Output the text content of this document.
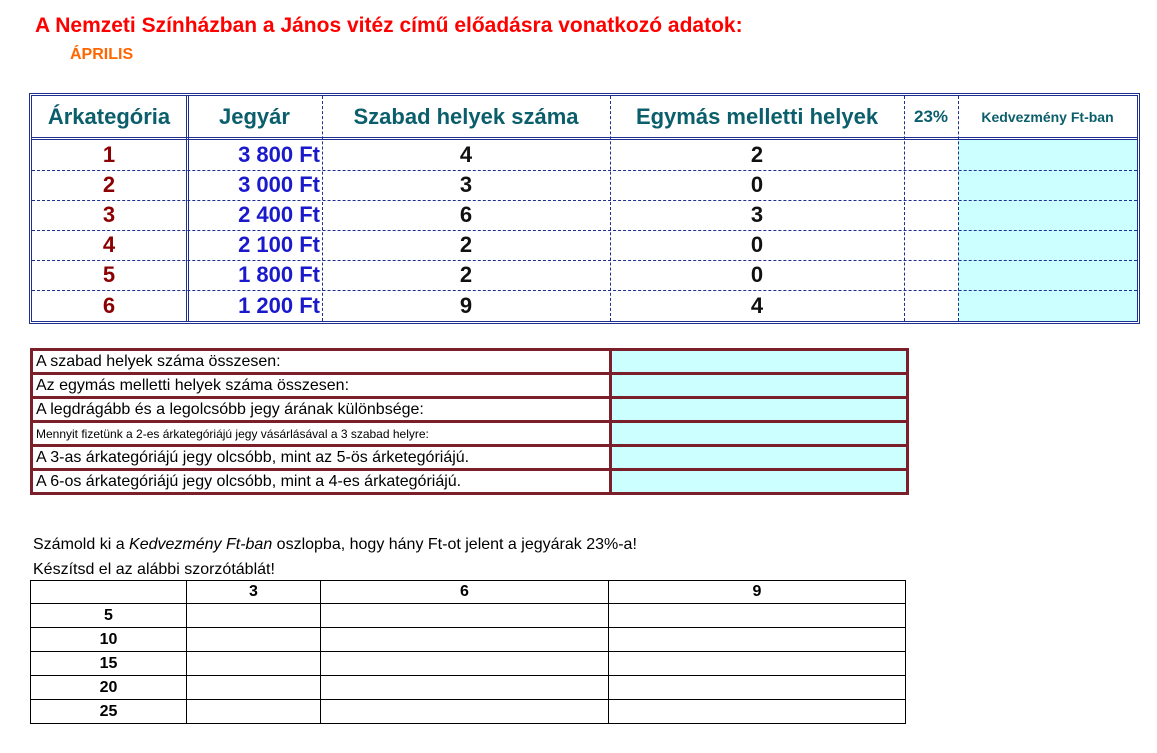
A Nemzeti Színházban a János vitéz című előadásra vonatkozó adatok:
ÁPRILIS
Árkategória	Jegyár	Szabad helyek száma	Egymás melletti helyek	23%	Kedvezmény Ft-ban
1	3 800 Ft	4	2
2	3 000 Ft	3	0
3	2 400 Ft	6	3
4	2 100 Ft	2	0
5	1 800 Ft	2	0
6	1 200 Ft	9	4
A szabad helyek száma összesen:	
Az egymás melletti helyek száma összesen:	
A legdrágább és a legolcsóbb jegy árának különbsége:	
Mennyit fizetünk a 2-es árkategóriájú jegy vásárlásával a 3 szabad helyre:	
A 3-as árkategóriájú jegy olcsóbb, mint az 5-ös árketegóriájú.	
A 6-os árkategóriájú jegy olcsóbb, mint a 4-es árkategóriájú.	
Számold ki a Kedvezmény Ft-ban oszlopba, hogy hány Ft-ot jelent a jegyárak 23%-a!
Készítsd el az alábbi szorzótáblát!
	3	6	9
5			
10			
15			
20			
25			
